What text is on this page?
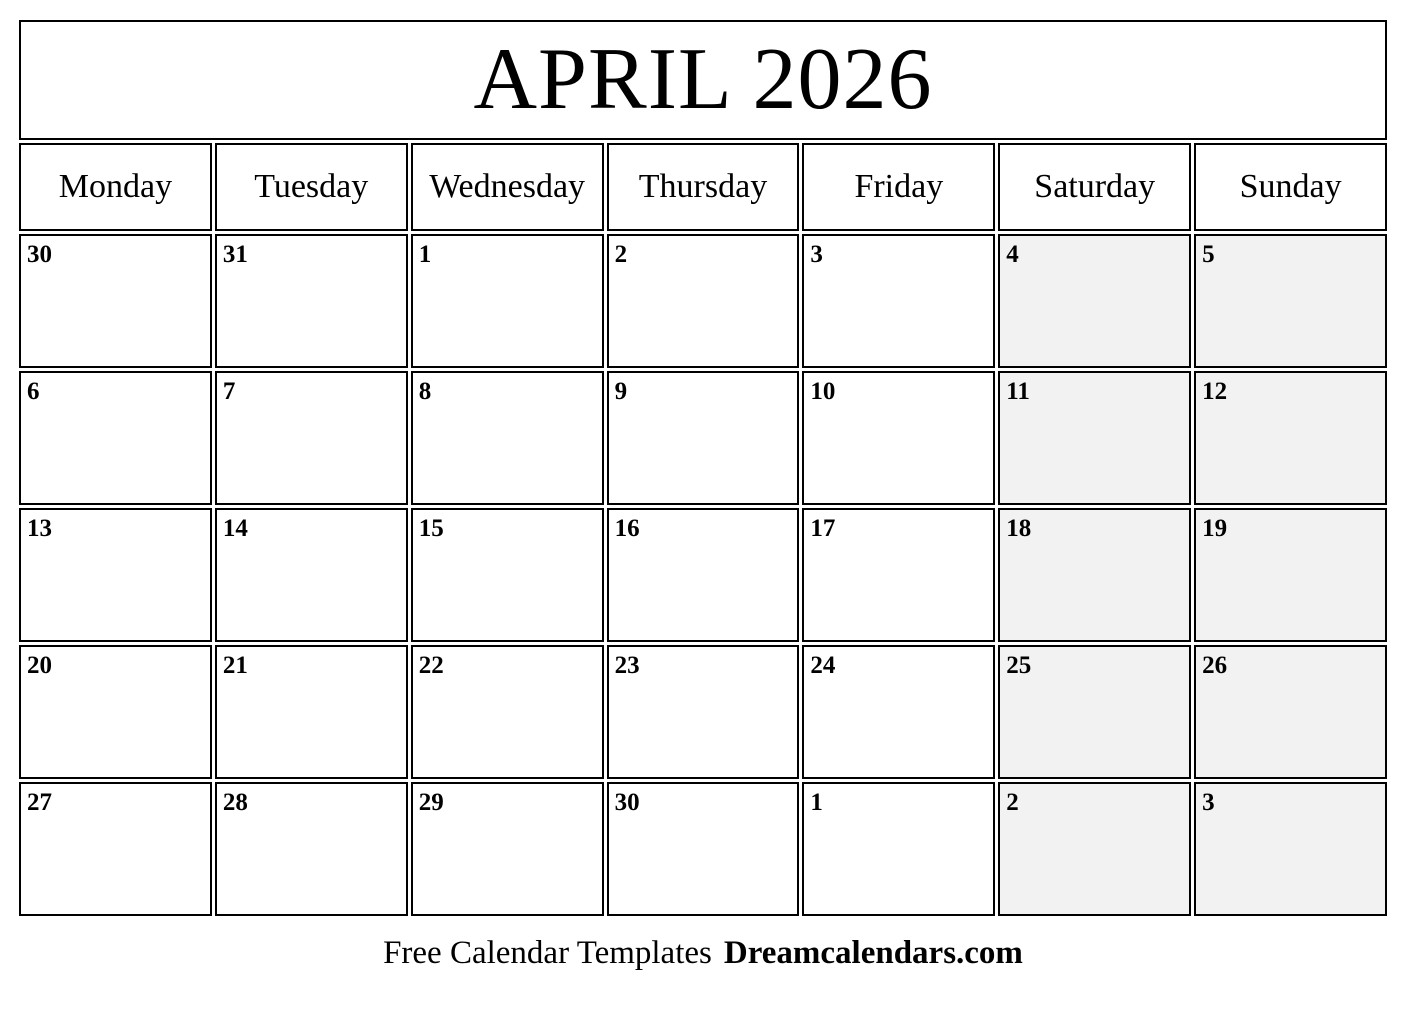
APRIL 2026
Monday	Tuesday	Wednesday	Thursday	Friday	Saturday	Sunday
30	31	1	2	3	4	5
6	7	8	9	10	11	12
13	14	15	16	17	18	19
20	21	22	23	24	25	26
27	28	29	30	1	2	3
Free Calendar Templates Dreamcalendars.com
